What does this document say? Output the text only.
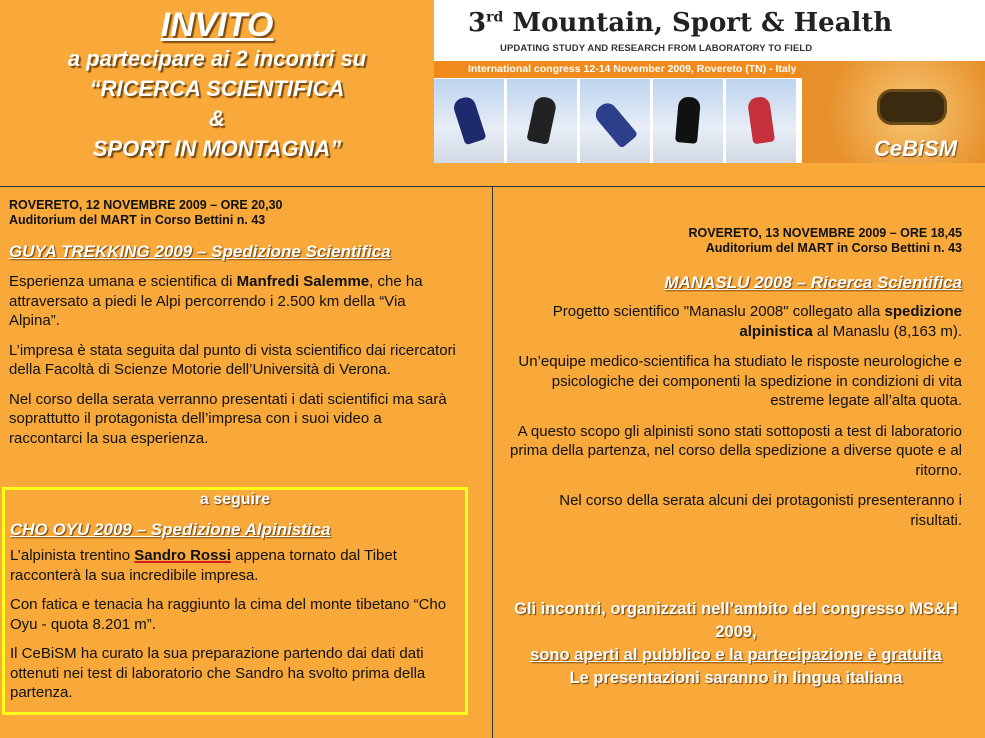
INVITO
a partecipare ai 2 incontri su
“RICERCA SCIENTIFICA
&
SPORT IN MONTAGNA”
3rd Mountain, Sport & Health
UPDATING STUDY AND RESEARCH FROM LABORATORY TO FIELD
International congress 12-14 November 2009, Rovereto (TN) - Italy
CeBiSM
ROVERETO, 12 NOVEMBRE 2009 – ORE 20,30
Auditorium del MART in Corso Bettini n. 43
GUYA TREKKING 2009 – Spedizione Scientifica

Esperienza umana e scientifica di Manfredi Salemme, che ha attraversato a piedi le Alpi percorrendo i 2.500 km della “Via Alpina”.

L’impresa è stata seguita dal punto di vista scientifico dai ricercatori della Facoltà di Scienze Motorie dell’Università di Verona.

Nel corso della serata verranno presentati i dati scientifici ma sarà soprattutto il protagonista dell’impresa con i suoi video a raccontarci la sua esperienza.

a seguire
CHO OYU 2009 – Spedizione Alpinistica

L’alpinista trentino Sandro Rossi appena tornato dal Tibet racconterà la sua incredibile impresa.

Con fatica e tenacia ha raggiunto la cima del monte tibetano “Cho Oyu - quota 8.201 m”.

Il CeBiSM ha curato la sua preparazione partendo dai dati dati ottenuti nei test di laboratorio che Sandro ha svolto prima della partenza.

ROVERETO, 13 NOVEMBRE 2009 – ORE 18,45
Auditorium del MART in Corso Bettini n. 43
MANASLU 2008 – Ricerca Scientifica

Progetto scientifico "Manaslu 2008" collegato alla spedizione alpinistica al Manaslu (8,163 m).

Un’equipe medico-scientifica ha studiato le risposte neurologiche e psicologiche dei componenti la spedizione in condizioni di vita estreme legate all’alta quota.

A questo scopo gli alpinisti sono stati sottoposti a test di laboratorio prima della partenza, nel corso della spedizione a diverse quote e al ritorno.

Nel corso della serata alcuni dei protagonisti presenteranno i risultati.

Gli incontri, organizzati nell’ambito del congresso MS&H 2009,
sono aperti al pubblico e la partecipazione è gratuita
Le presentazioni saranno in lingua italiana
